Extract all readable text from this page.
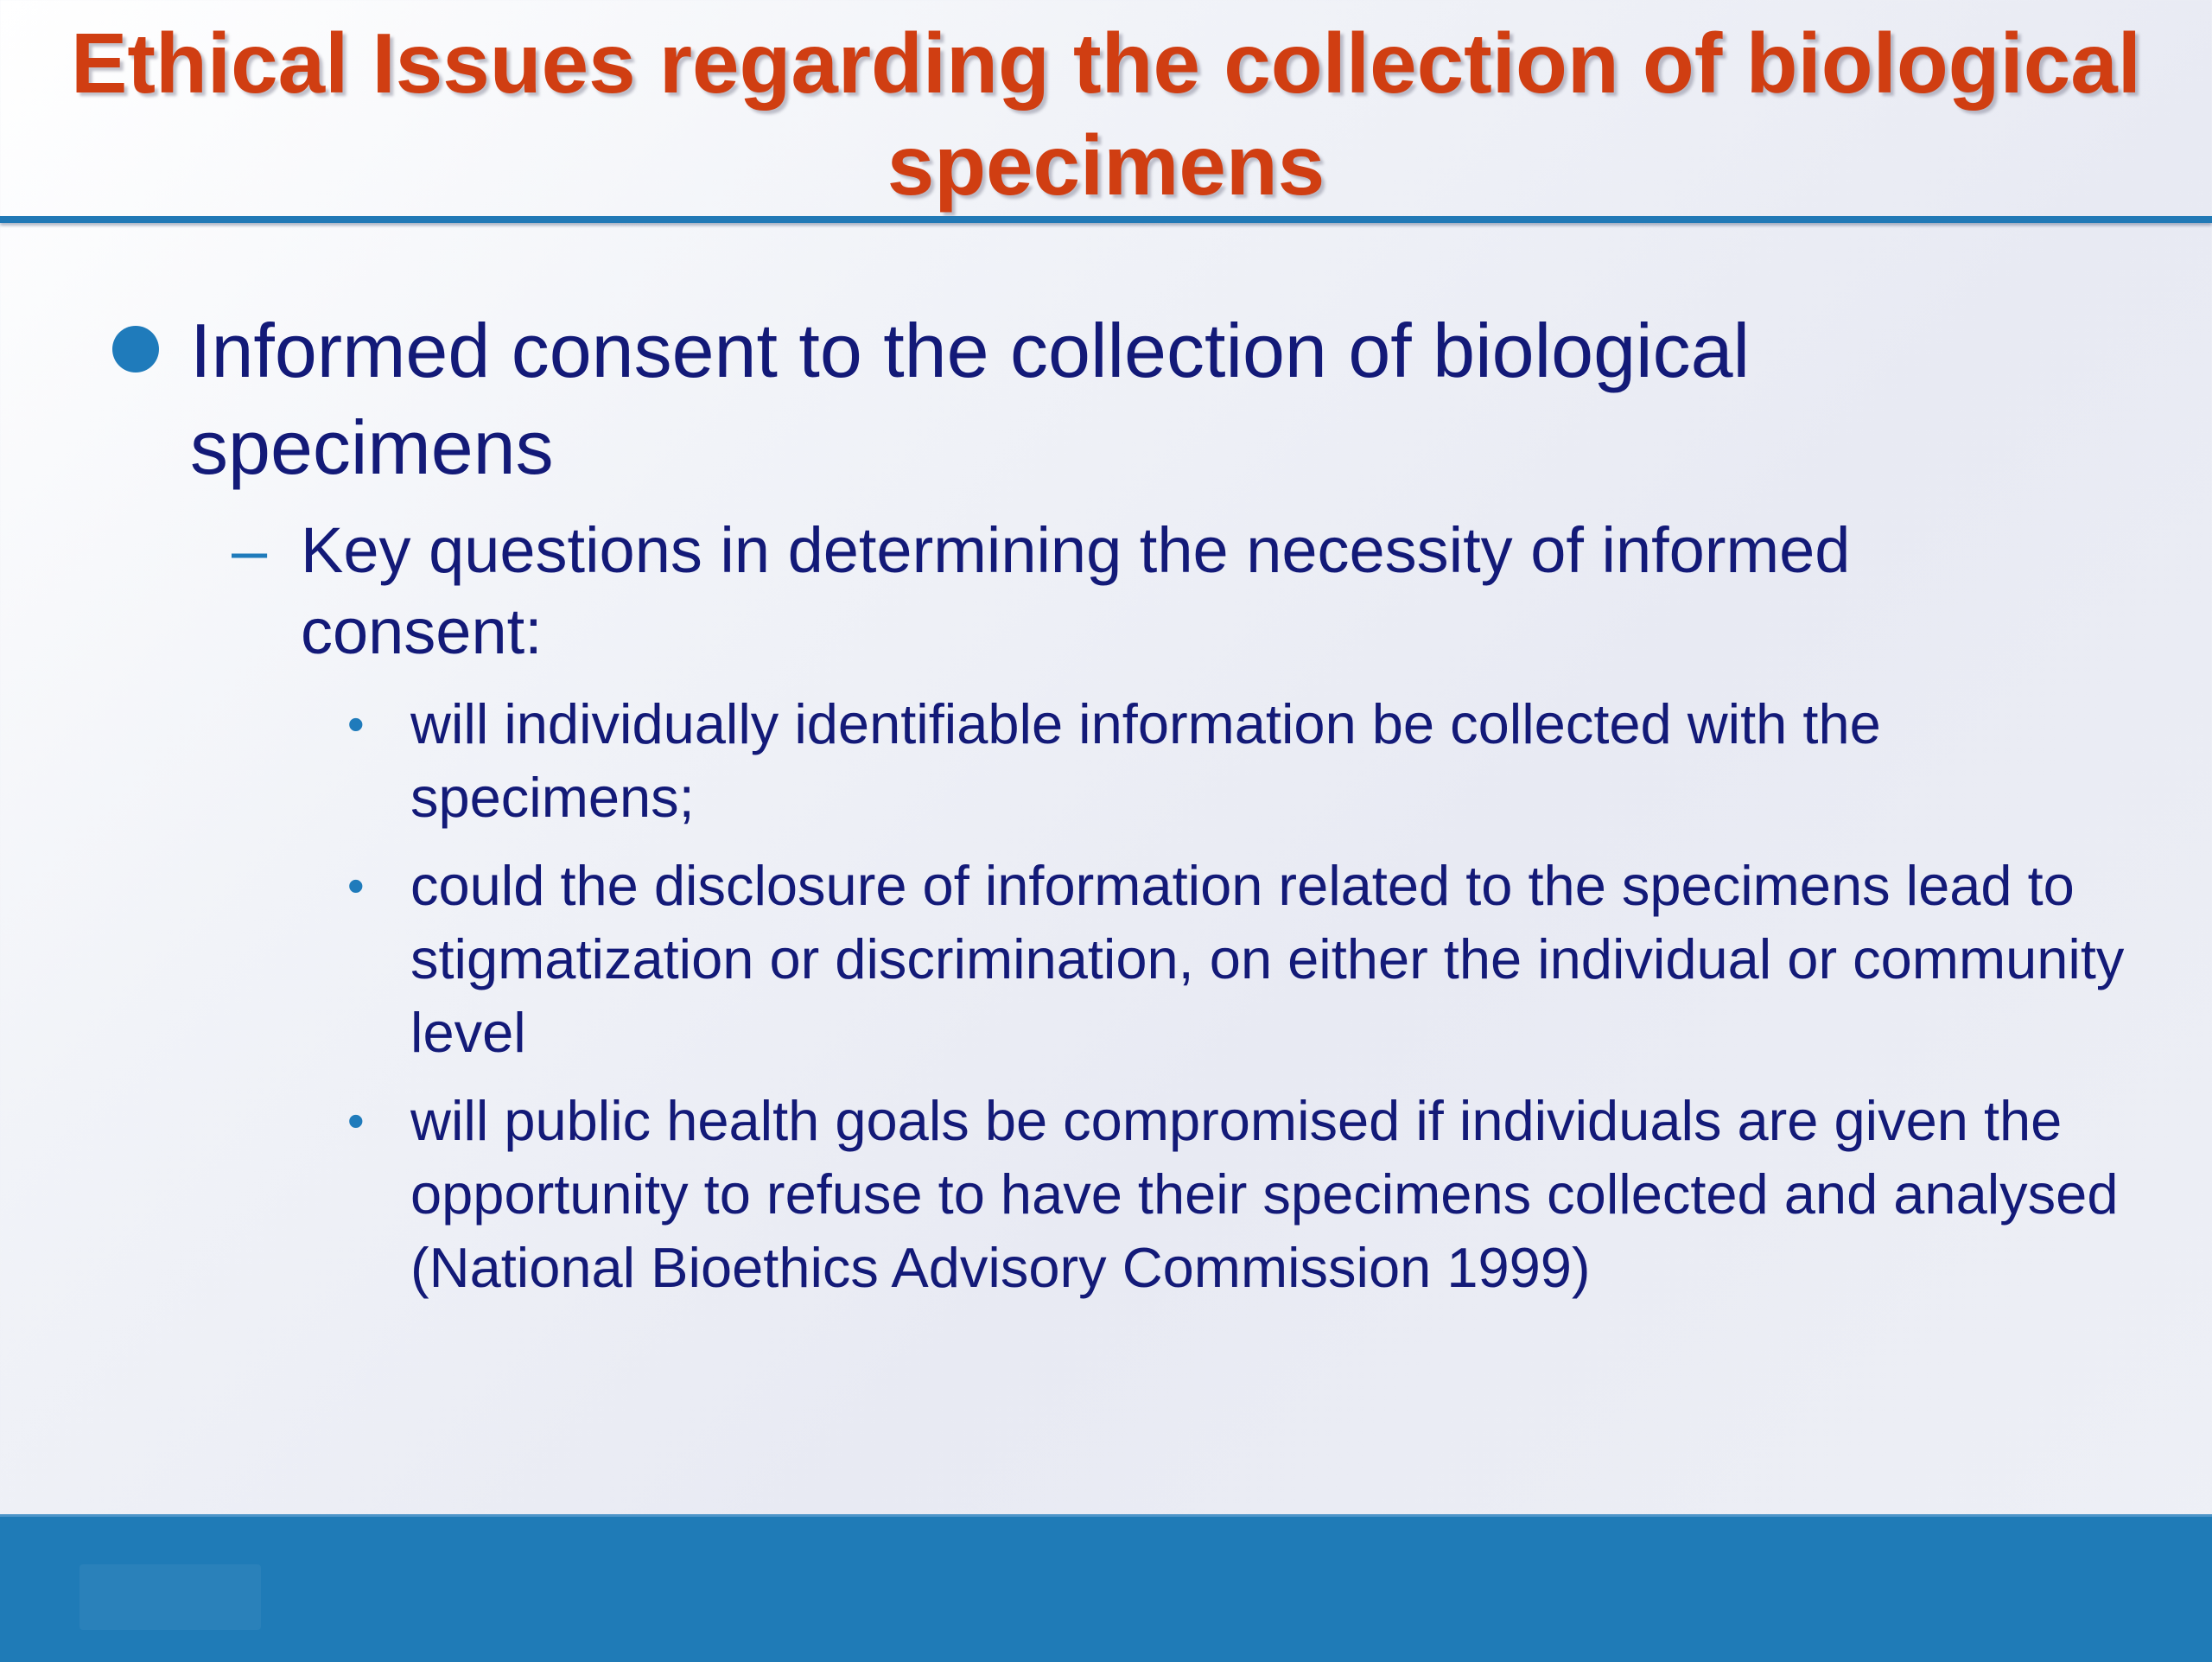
Ethical Issues regarding the collection of biological specimens
Informed consent to the collection of biological specimens
– Key questions in determining the necessity of informed consent:
• will individually identifiable information be collected with the specimens;
• could the disclosure of information related to the specimens lead to stigmatization or discrimination, on either the individual or community level
• will public health goals be compromised if individuals are given the opportunity to refuse to have their specimens collected and analysed (National Bioethics Advisory Commission 1999)
